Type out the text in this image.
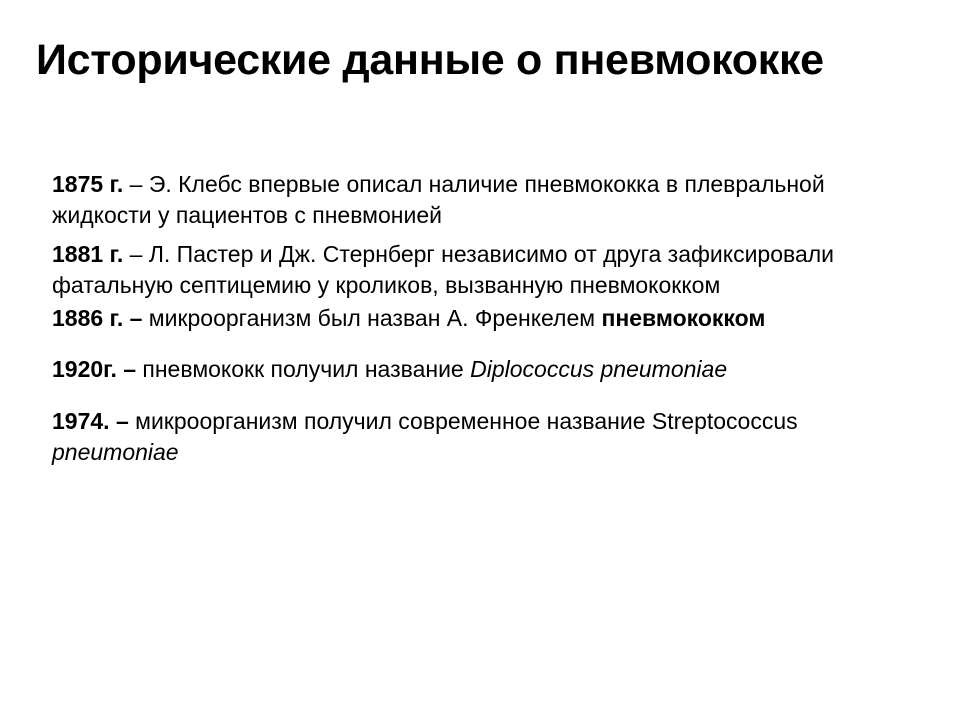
Исторические данные о пневмококке

1875 г. – Э. Клебс впервые описал наличие пневмококка в плевральной жидкости у пациентов с пневмонией

1881 г. – Л. Пастер и Дж. Стернберг независимо от друга зафиксировали фатальную септицемию у кроликов, вызванную пневмококком

1886 г. – микроорганизм был назван А. Френкелем пневмококком

1920г. – пневмококк получил название Diplococcus pneumoniae

1974. – микроорганизм получил современное название Streptococcus pneumoniae
